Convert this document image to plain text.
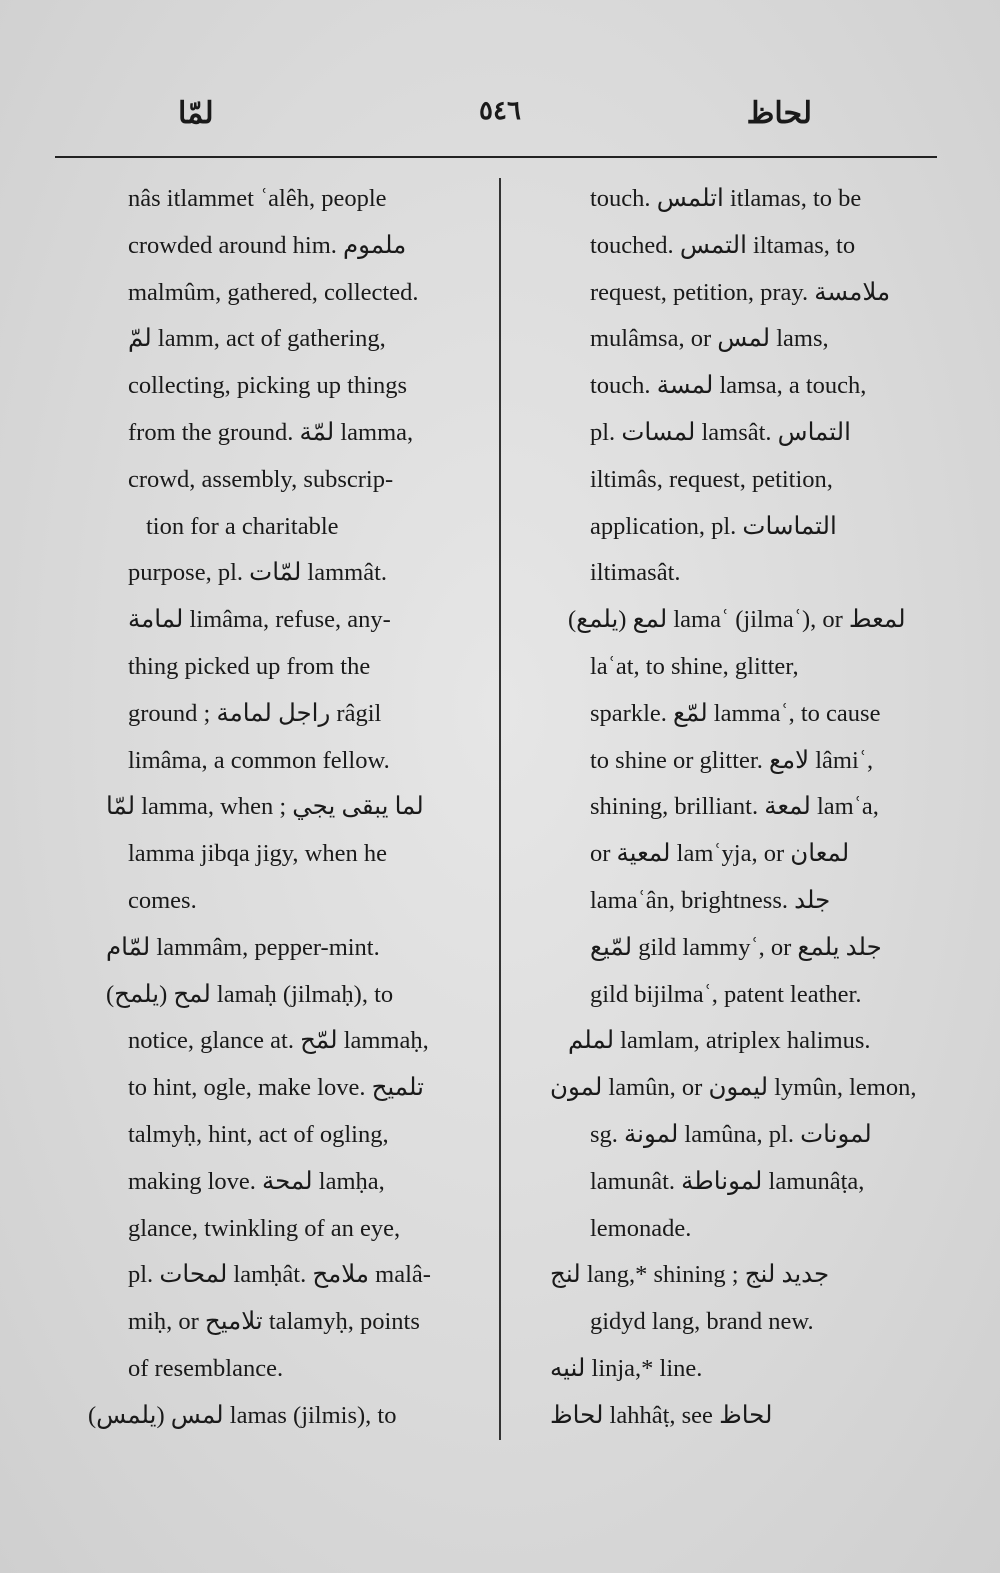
لمّا	٥٤٦	لحاظ
nâs itlammet ʿalêh, people
crowded around him. ملموم
malmûm, gathered, collected.
لمّ lamm, act of gathering,
collecting, picking up things
from the ground. لمّة lamma,
crowd, assembly, subscrip-
tion for a charitable
purpose, pl. لمّات lammât.
لمامة limâma, refuse, any-
thing picked up from the
ground ; راجل لمامة râgil
limâma, a common fellow.
لمّا lamma, when ; لما يبقى يجي
lamma jibqa jigy, when he
comes.
لمّام lammâm, pepper-mint.
لمح (يلمح) lamaḥ (jilmaḥ), to
notice, glance at. لمّح lammaḥ,
to hint, ogle, make love. تلميح
talmyḥ, hint, act of ogling,
making love. لمحة lamḥa,
glance, twinkling of an eye,
pl. لمحات lamḥât. ملامح malâ-
miḥ, or تلاميح talamyḥ, points
of resemblance.
لمس (يلمس) lamas (jilmis), to
touch. اتلمس itlamas, to be
touched. التمس iltamas, to
request, petition, pray. ملامسة
mulâmsa, or لمس lams,
touch. لمسة lamsa, a touch,
pl. لمسات lamsât. التماس
iltimâs, request, petition,
application, pl. التماسات
iltimasât.
لمع (يلمع) lamaʿ (jilmaʿ), or لمعط
laʿat, to shine, glitter,
sparkle. لمّع lammaʿ, to cause
to shine or glitter. لامع lâmiʿ,
shining, brilliant. لمعة lamʿa,
or لمعية lamʿyja, or لمعان
lamaʿân, brightness. جلد
لمّيع gild lammyʿ, or جلد يلمع
gild bijilmaʿ, patent leather.
لملم lamlam, atriplex halimus.
لمون lamûn, or ليمون lymûn, lemon,
sg. لمونة lamûna, pl. لمونات
lamunât. لموناطة lamunâṭa,
lemonade.
لنج lang,* shining ; جديد لنج
gidyd lang, brand new.
لنيه linja,* line.
لحاظ lahhâṭ, see لحاظ
